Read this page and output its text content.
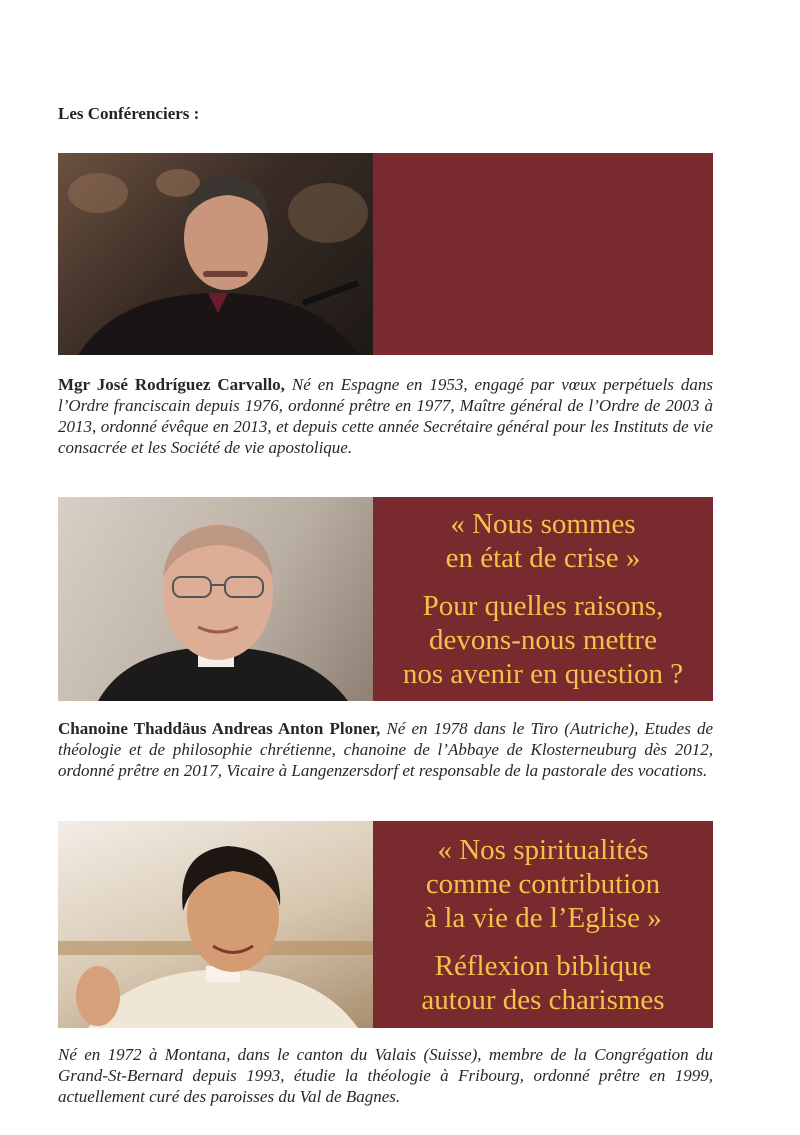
Les Conférenciers :
Mgr José Rodríguez Carvallo, Né en Espagne en 1953, engagé par vœux perpétuels dans l’Ordre franciscain depuis 1976, ordonné prêtre en 1977, Maître général de l’Ordre de 2003 à 2013, ordonné évêque en 2013, et depuis cette année Secrétaire général pour les Instituts de vie consacrée et les Société de vie apostolique.
« Nous sommes
en état de crise »
Pour quelles raisons,
devons-nous mettre
nos avenir en question ?
Chanoine Thaddäus Andreas Anton Ploner, Né en 1978 dans le Tiro (Autriche), Etudes de théologie et de philosophie chrétienne, chanoine de l’Abbaye de Klosterneuburg dès 2012, ordonné prêtre en 2017, Vicaire à Langenzersdorf et responsable de la pastorale des vocations.
« Nos spiritualités
comme contribution
à la vie de l’Eglise »
Réflexion biblique
autour des charismes
Né en 1972 à Montana, dans le canton du Valais (Suisse), membre de la Congrégation du Grand-St-Bernard depuis 1993, étudie la théologie à Fribourg, ordonné prêtre en 1999, actuellement curé des paroisses du Val de Bagnes.
